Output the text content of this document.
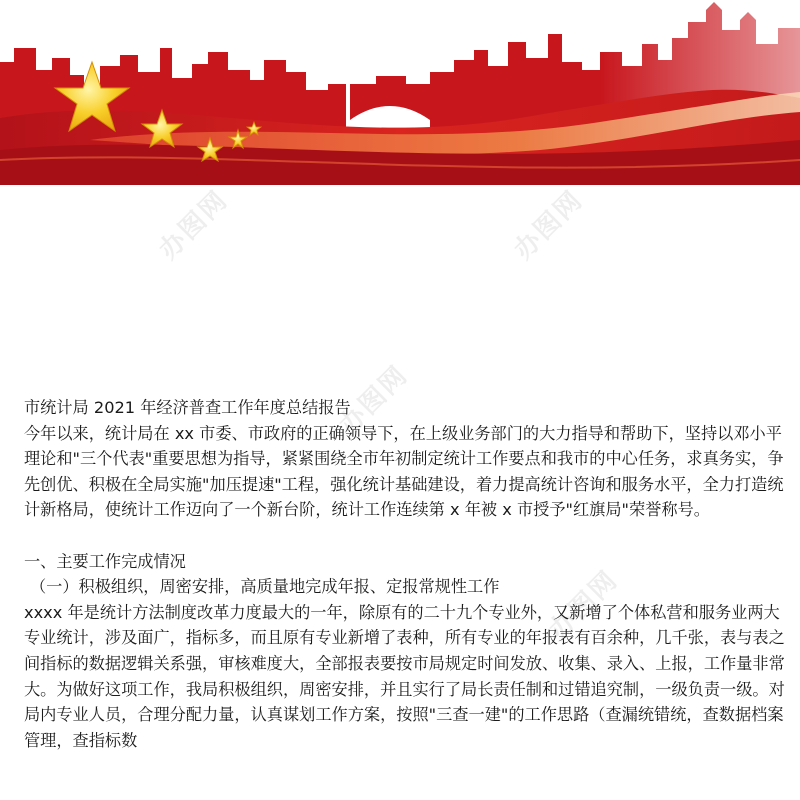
办图网	办图网
办图网
办图网
市统计局 2021 年经济普查工作年度总结报告

今年以来，统计局在 xx 市委、市政府的正确领导下，在上级业务部门的大力指导和帮助下，坚持以邓小平理论和"三个代表"重要思想为指导，紧紧围绕全市年初制定统计工作要点和我市的中心任务，求真务实，争先创优、积极在全局实施"加压提速"工程，强化统计基础建设，着力提高统计咨询和服务水平，全力打造统计新格局，使统计工作迈向了一个新台阶，统计工作连续第 x 年被 x 市授予"红旗局"荣誉称号。

一、主要工作完成情况

（一）积极组织，周密安排，高质量地完成年报、定报常规性工作

xxxx 年是统计方法制度改革力度最大的一年，除原有的二十九个专业外，又新增了个体私营和服务业两大专业统计，涉及面广，指标多，而且原有专业新增了表种，所有专业的年报表有百余种，几千张，表与表之间指标的数据逻辑关系强，审核难度大，全部报表要按市局规定时间发放、收集、录入、上报，工作量非常大。为做好这项工作，我局积极组织，周密安排，并且实行了局长责任制和过错追究制，一级负责一级。对局内专业人员，合理分配力量，认真谋划工作方案，按照"三查一建"的工作思路（查漏统错统，查数据档案管理，查指标数
